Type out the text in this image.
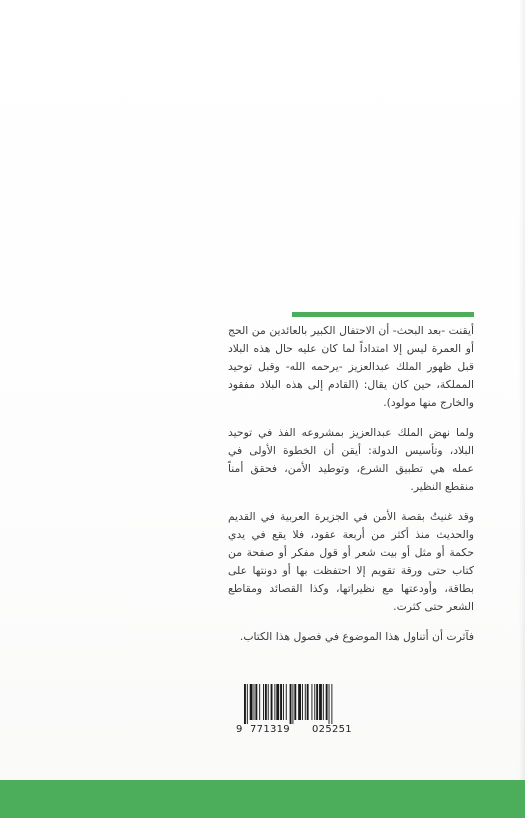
أيقنت -بعد البحث- أن الاحتفال الكبير بالعائدين من الحج أو العمرة ليس إلا امتداداً لما كان عليه حال هذه البلاد قبل ظهور الملك عبدالعزيز -يرحمه الله- وقبل توحيد المملكة، حين كان يقال: (القادم إلى هذه البلاد مفقود والخارج منها مولود).

ولما نهض الملك عبدالعزيز بمشروعه الفذ في توحيد البلاد، وتأسيس الدولة: أيقن أن الخطوة الأولى في عمله هي تطبيق الشرع، وتوطيد الأمن، فحقق أمناً منقطع النظير.

وقد غنيتُ بقصة الأمن في الجزيرة العربية في القديم والحديث منذ أكثر من أربعة عقود، فلا يقع في يدي حكمة أو مثل أو بيت شعر أو قول مفكر أو صفحة من كتاب حتى ورقة تقويم إلا احتفظت بها أو دونتها على بطاقة، وأودعتها مع نظيراتها، وكذا القصائد ومقاطع الشعر حتى كثرت.

فآثرت أن أتناول هذا الموضوع في فصول هذا الكتاب.

9 771319 025251
